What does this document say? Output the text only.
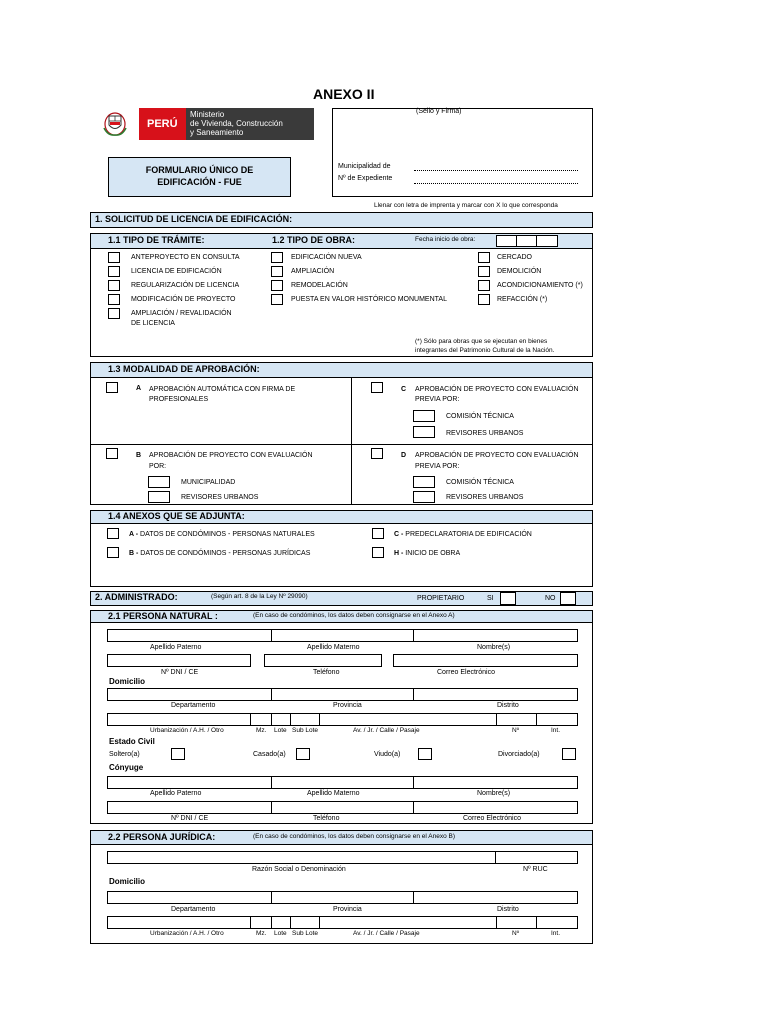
ANEXO II
PERÚ
Ministerio
de Vivienda, Construcción
y Saneamiento
(Sello y Firma)
Municipalidad de
Nº de Expediente
FORMULARIO ÚNICO DE
EDIFICACIÓN - FUE
Llenar con letra de imprenta y marcar con X lo que corresponda
1. SOLICITUD DE LICENCIA DE EDIFICACIÓN:
1.1 TIPO DE TRÁMITE:	1.2 TIPO DE OBRA:	Fecha inicio de obra:
ANTEPROYECTO EN CONSULTA
LICENCIA DE EDIFICACIÓN
REGULARIZACIÓN DE LICENCIA
MODIFICACIÓN DE PROYECTO
AMPLIACIÓN / REVALIDACIÓN
DE LICENCIA
EDIFICACIÓN NUEVA
AMPLIACIÓN
REMODELACIÓN
PUESTA EN VALOR HISTÓRICO MONUMENTAL
CERCADO
DEMOLICIÓN
ACONDICIONAMIENTO (*)
REFACCIÓN (*)
(*) Sólo para obras que se ejecutan en bienes
integrantes del Patrimonio Cultural de la Nación.
1.3 MODALIDAD DE APROBACIÓN:
A APROBACIÓN AUTOMÁTICA CON FIRMA DE
PROFESIONALES
C APROBACIÓN DE PROYECTO CON EVALUACIÓN
PREVIA POR:
COMISIÓN TÉCNICA
REVISORES URBANOS
B APROBACIÓN DE PROYECTO CON EVALUACIÓN
POR:
MUNICIPALIDAD
REVISORES URBANOS
D APROBACIÓN DE PROYECTO CON EVALUACIÓN
PREVIA POR:
COMISIÓN TÉCNICA
REVISORES URBANOS
1.4 ANEXOS QUE SE ADJUNTA:
A - DATOS DE CONDÓMINOS - PERSONAS NATURALES
B - DATOS DE CONDÓMINOS - PERSONAS JURÍDICAS
C - PREDECLARATORIA DE EDIFICACIÓN
H - INICIO DE OBRA
2. ADMINISTRADO:	(Según art. 8 de la Ley Nº 29090)	PROPIETARIO	SI	NO
2.1 PERSONA NATURAL :	(En caso de condóminos, los datos deben consignarse en el Anexo A)
Apellido Paterno	Apellido Materno	Nombre(s)
Nº DNI / CE	Teléfono	Correo Electrónico
Domicilio
Departamento	Provincia	Distrito
Urbanización / A.H. / Otro	Mz. Lote Sub Lote	Av. / Jr. / Calle / Pasaje	Nº	Int.
Estado Civil
Soltero(a)	Casado(a)	Viudo(a)	Divorciado(a)
Cónyuge
Apellido Paterno	Apellido Materno	Nombre(s)
Nº DNI / CE	Teléfono	Correo Electrónico
2.2 PERSONA JURÍDICA:	(En caso de condóminos, los datos deben consignarse en el Anexo B)
Razón Social o Denominación	Nº RUC
Domicilio
Departamento	Provincia	Distrito
Urbanización / A.H. / Otro	Mz. Lote Sub Lote	Av. / Jr. / Calle / Pasaje	Nº	Int.
